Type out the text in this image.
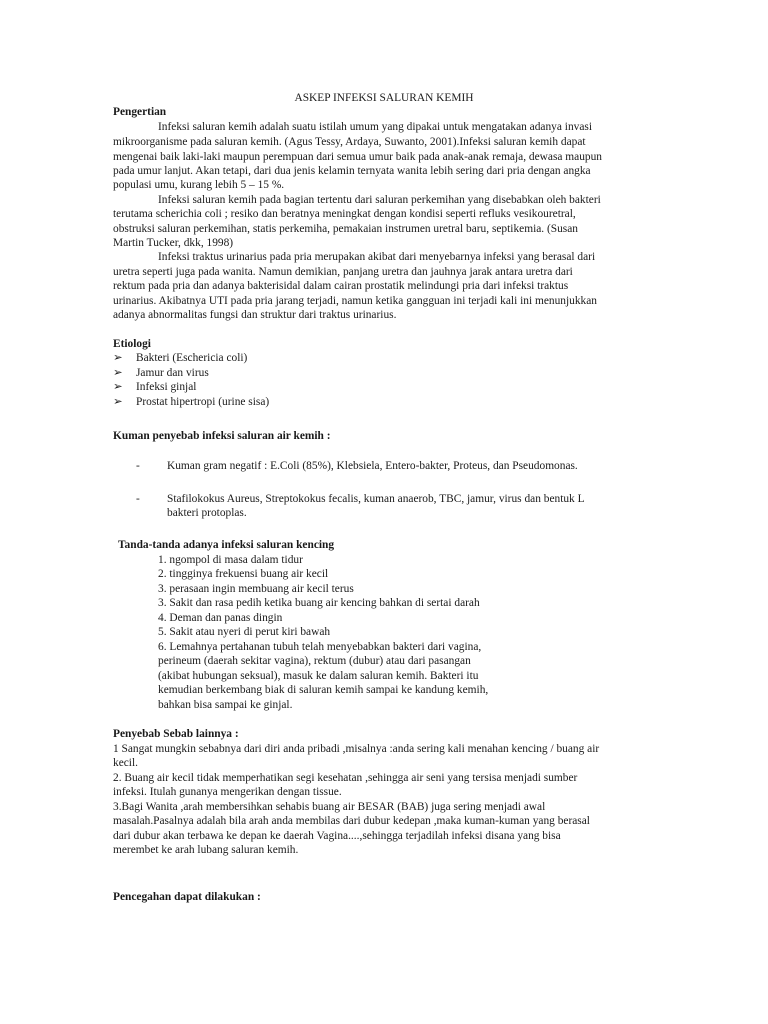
ASKEP INFEKSI SALURAN KEMIH
Pengertian
Infeksi saluran kemih adalah suatu istilah umum yang dipakai untuk mengatakan adanya invasi
mikroorganisme pada saluran kemih. (Agus Tessy, Ardaya, Suwanto, 2001).Infeksi saluran kemih dapat
mengenai baik laki-laki maupun perempuan dari semua umur baik pada anak-anak remaja, dewasa maupun
pada umur lanjut. Akan tetapi, dari dua jenis kelamin ternyata wanita lebih sering dari pria dengan angka
populasi umu, kurang lebih 5 – 15 %.
Infeksi saluran kemih pada bagian tertentu dari saluran perkemihan yang disebabkan oleh bakteri
terutama scherichia coli ; resiko dan beratnya meningkat dengan kondisi seperti refluks vesikouretral,
obstruksi saluran perkemihan, statis perkemiha, pemakaian instrumen uretral baru, septikemia. (Susan
Martin Tucker, dkk, 1998)
Infeksi traktus urinarius pada pria merupakan akibat dari menyebarnya infeksi yang berasal dari
uretra seperti juga pada wanita. Namun demikian, panjang uretra dan jauhnya jarak antara uretra dari
rektum pada pria dan adanya bakterisidal dalam cairan prostatik melindungi pria dari infeksi traktus
urinarius. Akibatnya UTI pada pria jarang terjadi, namun ketika gangguan ini terjadi kali ini menunjukkan
adanya abnormalitas fungsi dan struktur dari traktus urinarius.
Etiologi
➢ Bakteri (Eschericia coli)
➢ Jamur dan virus
➢ Infeksi ginjal
➢ Prostat hipertropi (urine sisa)
Kuman penyebab infeksi saluran air kemih :
- Kuman gram negatif : E.Coli (85%), Klebsiela, Entero-bakter, Proteus, dan Pseudomonas.
- Stafilokokus Aureus, Streptokokus fecalis, kuman anaerob, TBC, jamur, virus dan bentuk L
bakteri protoplas.
Tanda-tanda adanya infeksi saluran kencing
1. ngompol di masa dalam tidur
2. tingginya frekuensi buang air kecil
3. perasaan ingin membuang air kecil terus
3. Sakit dan rasa pedih ketika buang air kencing bahkan di sertai darah
4. Deman dan panas dingin
5. Sakit atau nyeri di perut kiri bawah
6. Lemahnya pertahanan tubuh telah menyebabkan bakteri dari vagina,
perineum (daerah sekitar vagina), rektum (dubur) atau dari pasangan
(akibat hubungan seksual), masuk ke dalam saluran kemih. Bakteri itu
kemudian berkembang biak di saluran kemih sampai ke kandung kemih,
bahkan bisa sampai ke ginjal.
Penyebab Sebab lainnya :
1 Sangat mungkin sebabnya dari diri anda pribadi ,misalnya :anda sering kali menahan kencing / buang air
kecil.
2. Buang air kecil tidak memperhatikan segi kesehatan ,sehingga air seni yang tersisa menjadi sumber
infeksi. Itulah gunanya mengerikan dengan tissue.
3.Bagi Wanita ,arah membersihkan sehabis buang air BESAR (BAB) juga sering menjadi awal
masalah.Pasalnya adalah bila arah anda membilas dari dubur kedepan ,maka kuman-kuman yang berasal
dari dubur akan terbawa ke depan ke daerah Vagina....,sehingga terjadilah infeksi disana yang bisa
merembet ke arah lubang saluran kemih.
Pencegahan dapat dilakukan :
